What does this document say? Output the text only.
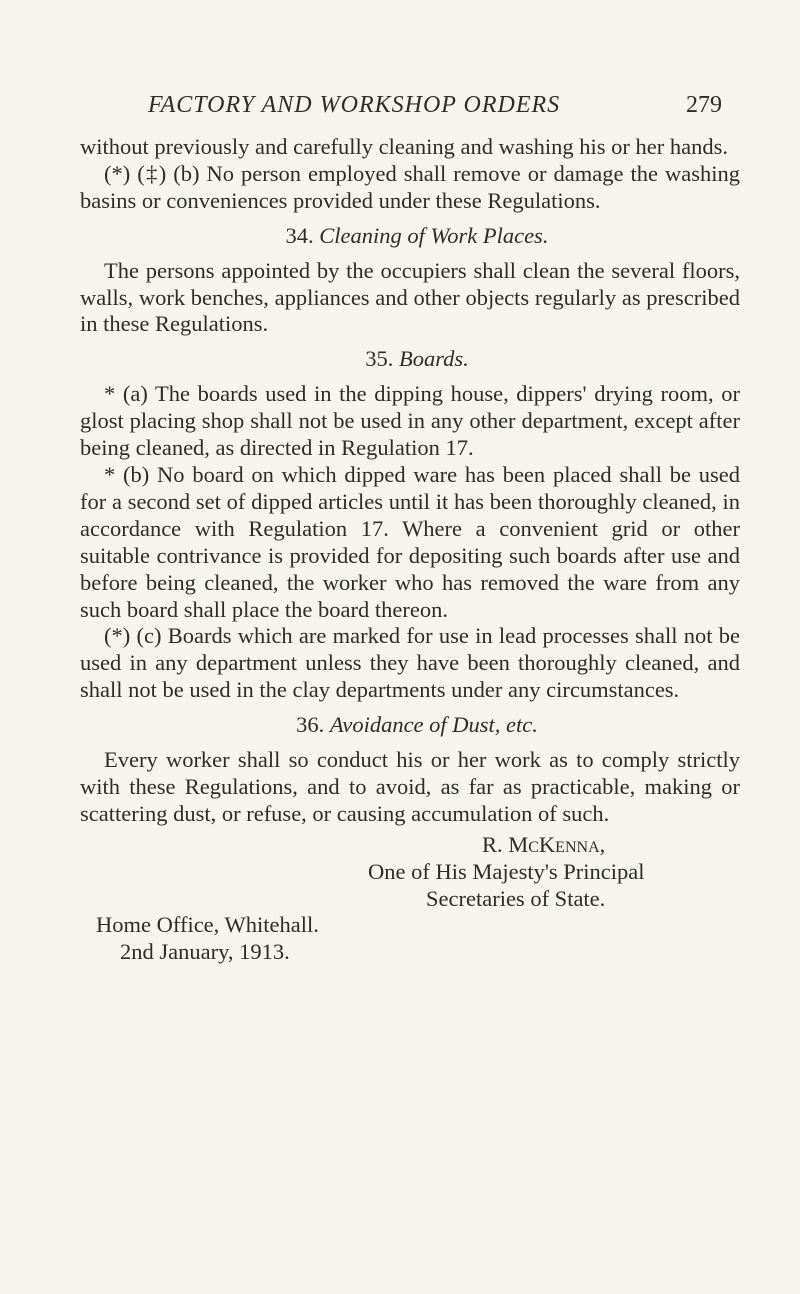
FACTORY AND WORKSHOP ORDERS	279

without previously and carefully cleaning and washing his or her hands.

(*) (‡) (b) No person employed shall remove or damage the washing basins or conveniences provided under these Regulations.

34. Cleaning of Work Places.

The persons appointed by the occupiers shall clean the several floors, walls, work benches, appliances and other objects regularly as prescribed in these Regulations.

35. Boards.

* (a) The boards used in the dipping house, dippers' drying room, or glost placing shop shall not be used in any other department, except after being cleaned, as directed in Regulation 17.

* (b) No board on which dipped ware has been placed shall be used for a second set of dipped articles until it has been thoroughly cleaned, in accordance with Regulation 17. Where a convenient grid or other suitable contrivance is provided for depositing such boards after use and before being cleaned, the worker who has removed the ware from any such board shall place the board thereon.

(*) (c) Boards which are marked for use in lead processes shall not be used in any department unless they have been thoroughly cleaned, and shall not be used in the clay departments under any circumstances.

36. Avoidance of Dust, etc.

Every worker shall so conduct his or her work as to comply strictly with these Regulations, and to avoid, as far as practicable, making or scattering dust, or refuse, or causing accumulation of such.

R. McKenna,
One of His Majesty's Principal
Secretaries of State.
Home Office, Whitehall.
2nd January, 1913.
